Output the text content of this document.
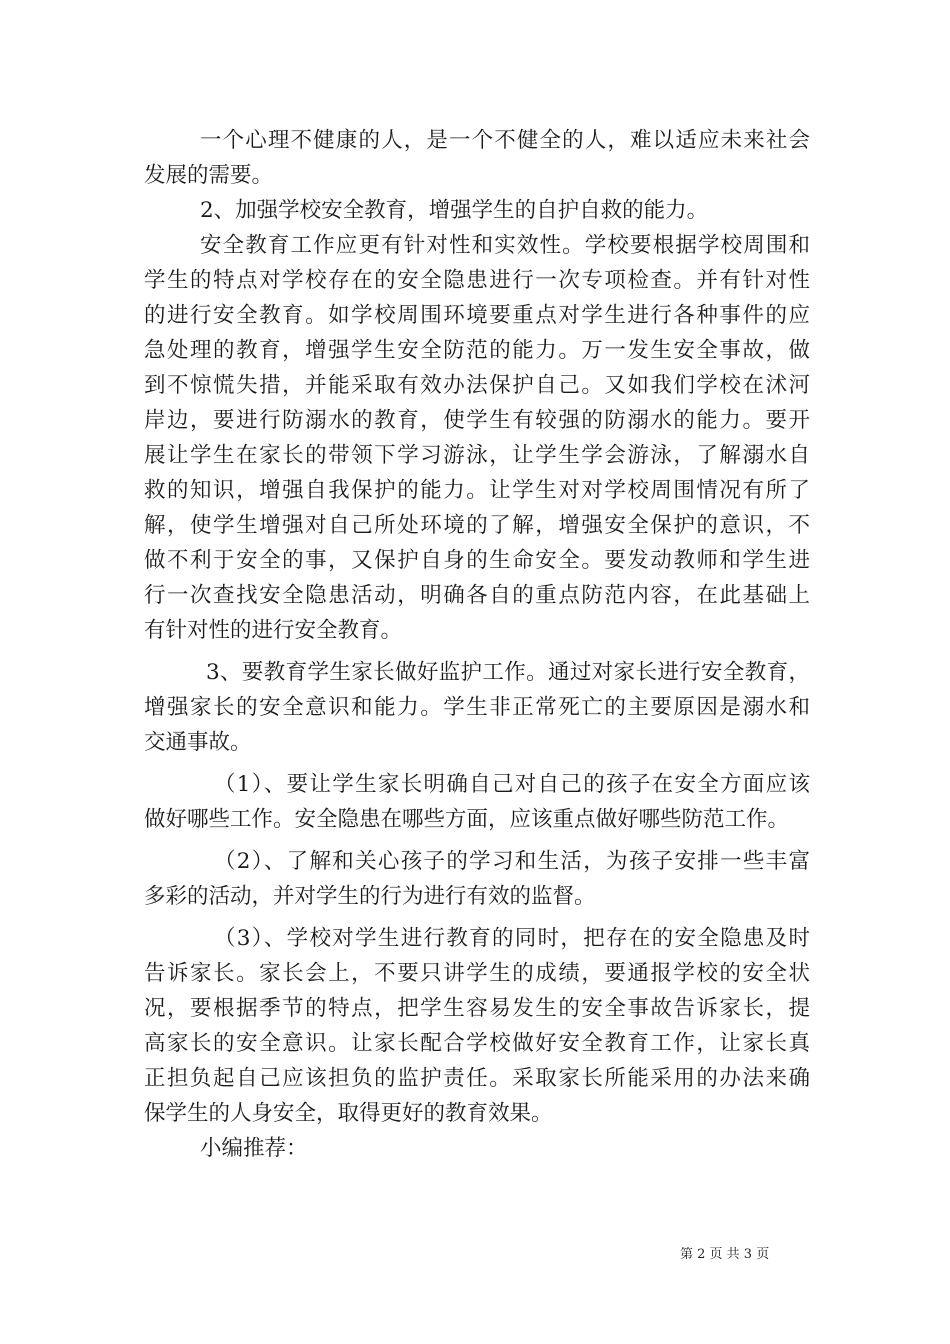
一个心理不健康的人，是一个不健全的人，难以适应未来社会
发展的需要。
2、加强学校安全教育，增强学生的自护自救的能力。
安全教育工作应更有针对性和实效性。学校要根据学校周围和
学生的特点对学校存在的安全隐患进行一次专项检查。并有针对性
的进行安全教育。如学校周围环境要重点对学生进行各种事件的应
急处理的教育，增强学生安全防范的能力。万一发生安全事故，做
到不惊慌失措，并能采取有效办法保护自己。又如我们学校在沭河
岸边，要进行防溺水的教育，使学生有较强的防溺水的能力。要开
展让学生在家长的带领下学习游泳，让学生学会游泳，了解溺水自
救的知识，增强自我保护的能力。让学生对对学校周围情况有所了
解，使学生增强对自己所处环境的了解，增强安全保护的意识，不
做不利于安全的事，又保护自身的生命安全。要发动教师和学生进
行一次查找安全隐患活动，明确各自的重点防范内容，在此基础上
有针对性的进行安全教育。
3、要教育学生家长做好监护工作。通过对家长进行安全教育，
增强家长的安全意识和能力。学生非正常死亡的主要原因是溺水和
交通事故。
（1）、要让学生家长明确自己对自己的孩子在安全方面应该
做好哪些工作。安全隐患在哪些方面，应该重点做好哪些防范工作。
（2）、了解和关心孩子的学习和生活，为孩子安排一些丰富
多彩的活动，并对学生的行为进行有效的监督。
（3）、学校对学生进行教育的同时，把存在的安全隐患及时
告诉家长。家长会上，不要只讲学生的成绩，要通报学校的安全状
况，要根据季节的特点，把学生容易发生的安全事故告诉家长，提
高家长的安全意识。让家长配合学校做好安全教育工作，让家长真
正担负起自己应该担负的监护责任。采取家长所能采用的办法来确
保学生的人身安全，取得更好的教育效果。
小编推荐：
第 2 页 共 3 页
